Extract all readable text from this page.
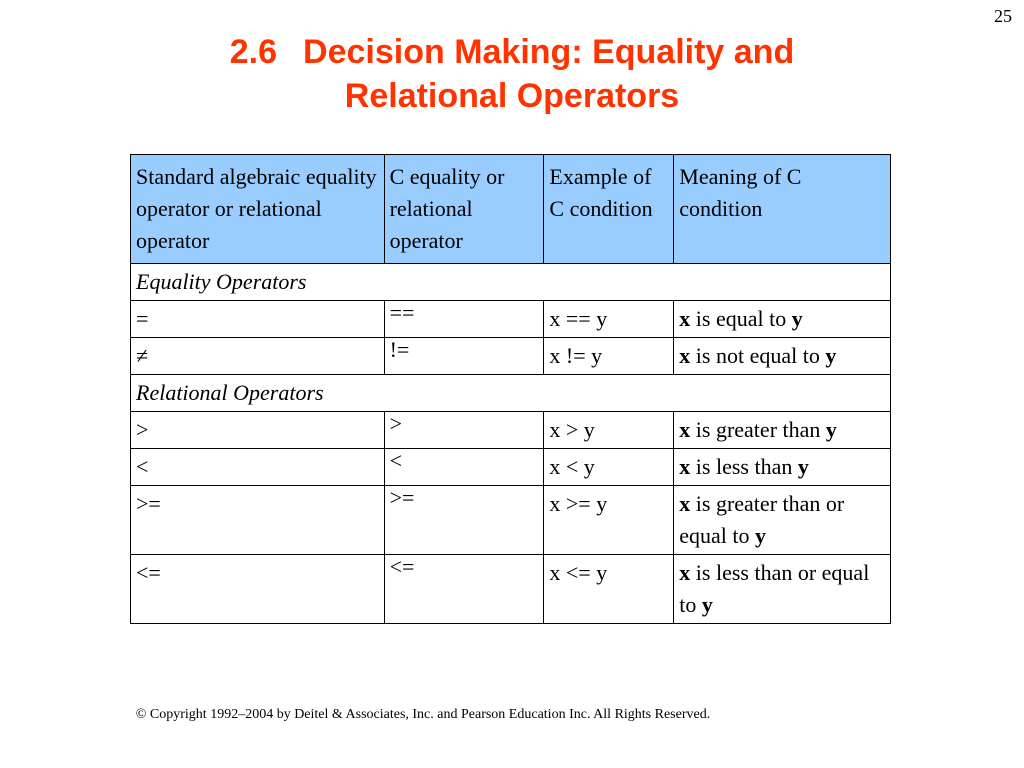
25
2.6 Decision Making: Equality and
Relational Operators
Standard algebraic equality operator or relational operator	C equality or relational operator	Example of C condition	Meaning of C condition
Equality Operators			
=	==	x == y	x is equal to y
≠	!=	x != y	x is not equal to y
Relational Operators			
>	>	x > y	x is greater than y
<	<	x < y	x is less than y
>=	>=	x >= y	x is greater than or equal to y
<=	<=	x <= y	x is less than or equal to y
© Copyright 1992–2004 by Deitel & Associates, Inc. and Pearson Education Inc. All Rights Reserved.
